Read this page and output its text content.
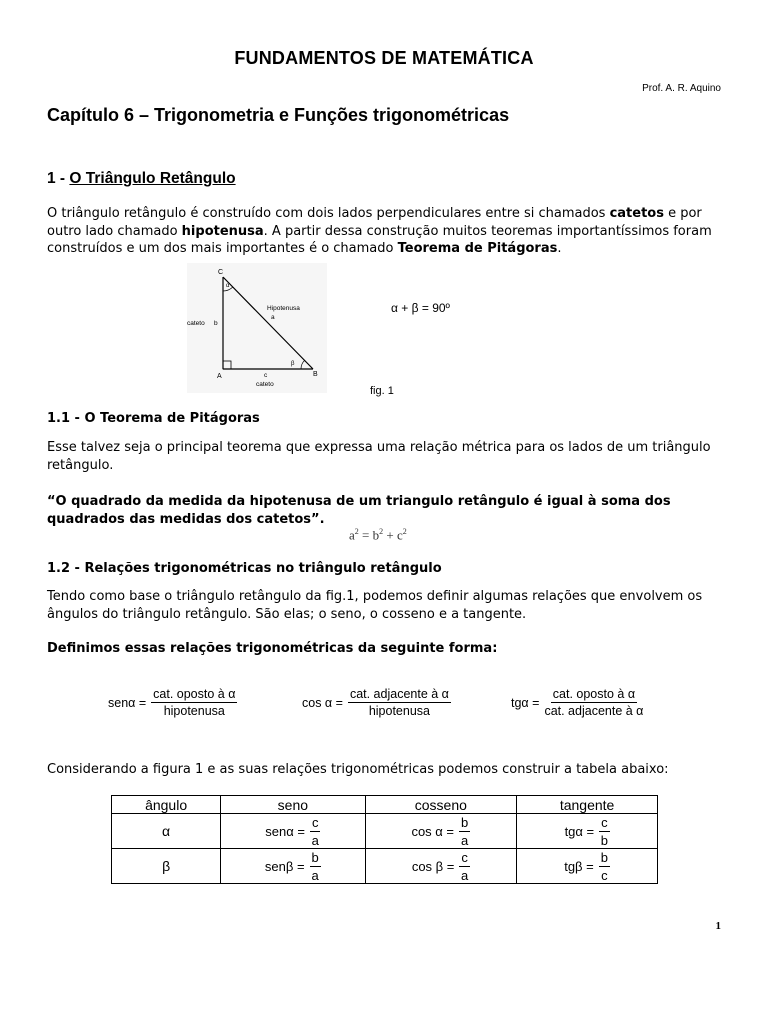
FUNDAMENTOS DE MATEMÁTICA
Prof. A. R. Aquino
Capítulo 6 – Trigonometria e Funções trigonométricas
1 - O Triângulo Retângulo
O triângulo retângulo é construído com dois lados perpendiculares entre si chamados catetos e por outro lado chamado hipotenusa. A partir dessa construção muitos teoremas importantíssimos foram construídos e um dos mais importantes é o chamado Teorema de Pitágoras.
C
A	B
α
β
Hipotenusa
a
cateto b
c
cateto
α + β = 90º
fig. 1
1.1 - O Teorema de Pitágoras
Esse talvez seja o principal teorema que expressa uma relação métrica para os lados de um triângulo retângulo.
“O quadrado da medida da hipotenusa de um triangulo retângulo é igual à soma dos quadrados das medidas dos catetos”.
$a^2 = b^2 + c^2$
1.2 - Relações trigonométricas no triângulo retângulo
Tendo como base o triângulo retângulo da fig.1, podemos definir algumas relações que envolvem os ângulos do triângulo retângulo. São elas; o seno, o cosseno e a tangente.
Definimos essas relações trigonométricas da seguinte forma:
$sen\alpha = \frac{\text{cat. oposto à α}}{\text{hipotenusa}}$	$\cos \alpha = \frac{\text{cat. adjacente à α}}{\text{hipotenusa}}$	$tg\alpha = \frac{\text{cat. oposto à α}}{\text{cat. adjacente à α}}$
Considerando a figura 1 e as suas relações trigonométricas podemos construir a tabela abaixo:
ângulo	seno	cosseno	tangente
α	$sen\alpha = \frac{c}{a}$	$\cos \alpha = \frac{b}{a}$	$tg\alpha = \frac{c}{b}$

β	$sen\beta = \frac{b}{a}$	$\cos \beta = \frac{c}{a}$	$tg\beta = \frac{b}{c}$
1
